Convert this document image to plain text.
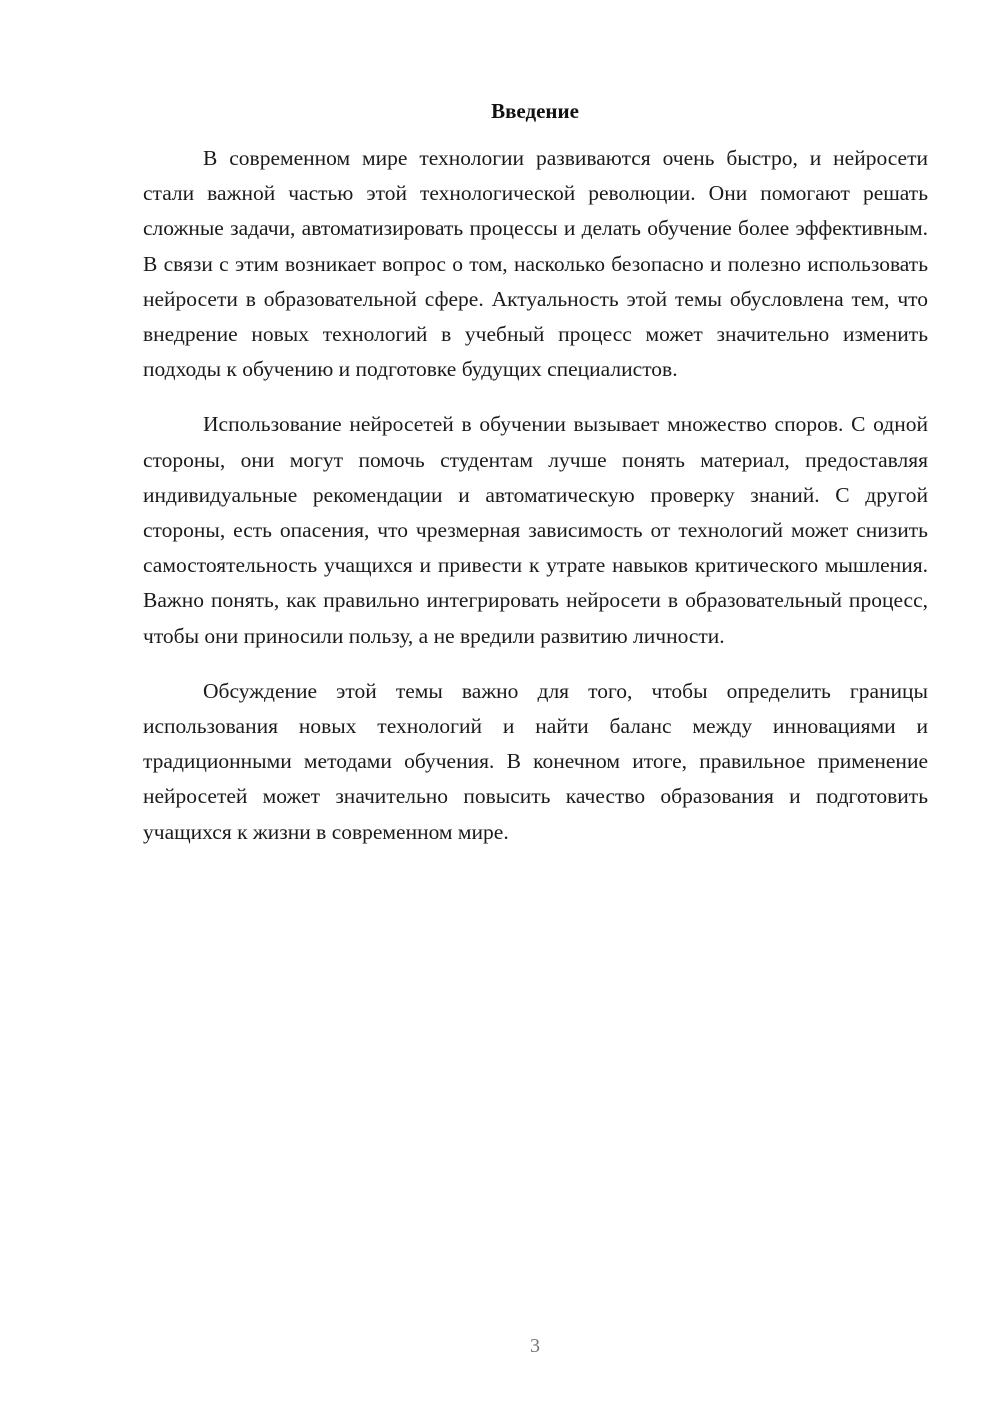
Введение

В современном мире технологии развиваются очень быстро, и нейросети стали важной частью этой технологической революции. Они помогают решать сложные задачи, автоматизировать процессы и делать обучение более эффективным. В связи с этим возникает вопрос о том, насколько безопасно и полезно использовать нейросети в образовательной сфере. Актуальность этой темы обусловлена тем, что внедрение новых технологий в учебный процесс может значительно изменить подходы к обучению и подготовке будущих специалистов.

Использование нейросетей в обучении вызывает множество споров. С одной стороны, они могут помочь студентам лучше понять материал, предоставляя индивидуальные рекомендации и автоматическую проверку знаний. С другой стороны, есть опасения, что чрезмерная зависимость от технологий может снизить самостоятельность учащихся и привести к утрате навыков критического мышления. Важно понять, как правильно интегрировать нейросети в образовательный процесс, чтобы они приносили пользу, а не вредили развитию личности.

Обсуждение этой темы важно для того, чтобы определить границы использования новых технологий и найти баланс между инновациями и традиционными методами обучения. В конечном итоге, правильное применение нейросетей может значительно повысить качество образования и подготовить учащихся к жизни в современном мире.

3
